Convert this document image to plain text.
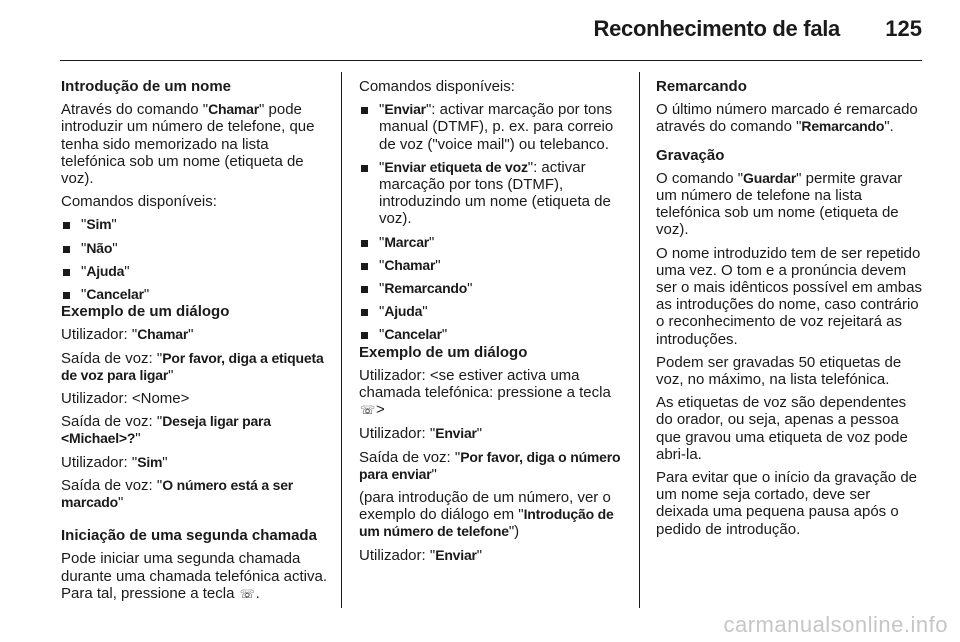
Reconhecimento de fala 125

Introdução de um nome

Através do comando "Chamar" pode introduzir um número de telefone, que tenha sido memorizado na lista telefónica sob um nome (etiqueta de voz).

Comandos disponíveis:

"Sim"
"Não"
"Ajuda"
"Cancelar"

Exemplo de um diálogo

Utilizador: "Chamar"

Saída de voz: "Por favor, diga a etiqueta de voz para ligar"

Utilizador: <Nome>

Saída de voz: "Deseja ligar para <Michael>?"

Utilizador: "Sim"

Saída de voz: "O número está a ser marcado"

Iniciação de uma segunda chamada

Pode iniciar uma segunda chamada durante uma chamada telefónica activa. Para tal, pressione a tecla ☏.

Comandos disponíveis:

"Enviar": activar marcação por tons manual (DTMF), p. ex. para correio de voz ("voice mail") ou telebanco.
"Enviar etiqueta de voz": activar marcação por tons (DTMF), introduzindo um nome (etiqueta de voz).
"Marcar"
"Chamar"
"Remarcando"
"Ajuda"
"Cancelar"

Exemplo de um diálogo

Utilizador: <se estiver activa uma chamada telefónica: pressione a tecla ☏>

Utilizador: "Enviar"

Saída de voz: "Por favor, diga o número para enviar"

(para introdução de um número, ver o exemplo do diálogo em "Introdução de um número de telefone")

Utilizador: "Enviar"

Remarcando

O último número marcado é remarcado através do comando "Remarcando".

Gravação

O comando "Guardar" permite gravar um número de telefone na lista telefónica sob um nome (etiqueta de voz).

O nome introduzido tem de ser repetido uma vez. O tom e a pronúncia devem ser o mais idênticos possível em ambas as introduções do nome, caso contrário o reconhecimento de voz rejeitará as introduções.

Podem ser gravadas 50 etiquetas de voz, no máximo, na lista telefónica.

As etiquetas de voz são dependentes do orador, ou seja, apenas a pessoa que gravou uma etiqueta de voz pode abri-la.

Para evitar que o início da gravação de um nome seja cortado, deve ser deixada uma pequena pausa após o pedido de introdução.

carmanualsonline.info
